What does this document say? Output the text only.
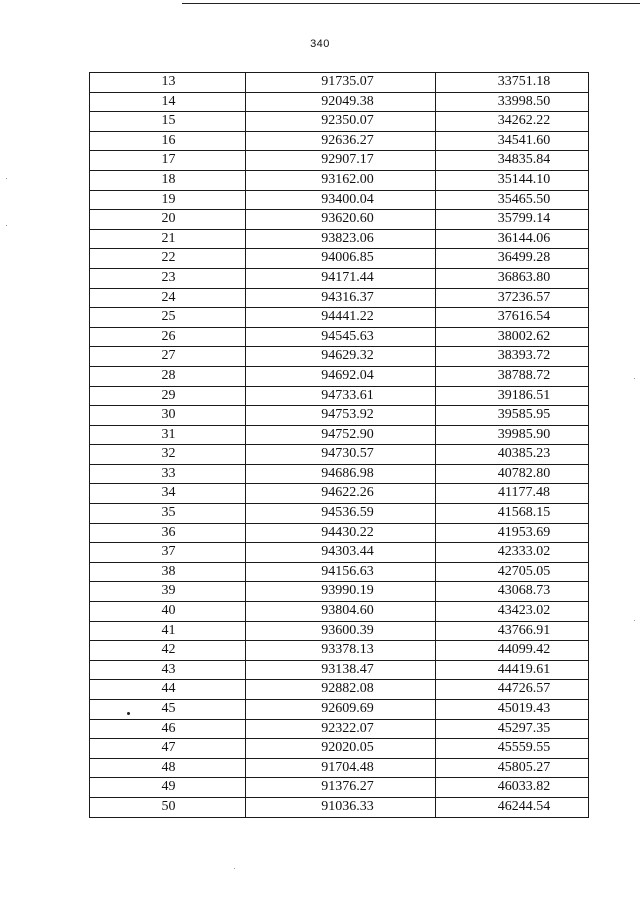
340
13	91735.07	33751.18
14	92049.38	33998.50
15	92350.07	34262.22
16	92636.27	34541.60
17	92907.17	34835.84
18	93162.00	35144.10
19	93400.04	35465.50
20	93620.60	35799.14
21	93823.06	36144.06
22	94006.85	36499.28
23	94171.44	36863.80
24	94316.37	37236.57
25	94441.22	37616.54
26	94545.63	38002.62
27	94629.32	38393.72
28	94692.04	38788.72
29	94733.61	39186.51
30	94753.92	39585.95
31	94752.90	39985.90
32	94730.57	40385.23
33	94686.98	40782.80
34	94622.26	41177.48
35	94536.59	41568.15
36	94430.22	41953.69
37	94303.44	42333.02
38	94156.63	42705.05
39	93990.19	43068.73
40	93804.60	43423.02
41	93600.39	43766.91
42	93378.13	44099.42
43	93138.47	44419.61
44	92882.08	44726.57
45	92609.69	45019.43
46	92322.07	45297.35
47	92020.05	45559.55
48	91704.48	45805.27
49	91376.27	46033.82
50	91036.33	46244.54
